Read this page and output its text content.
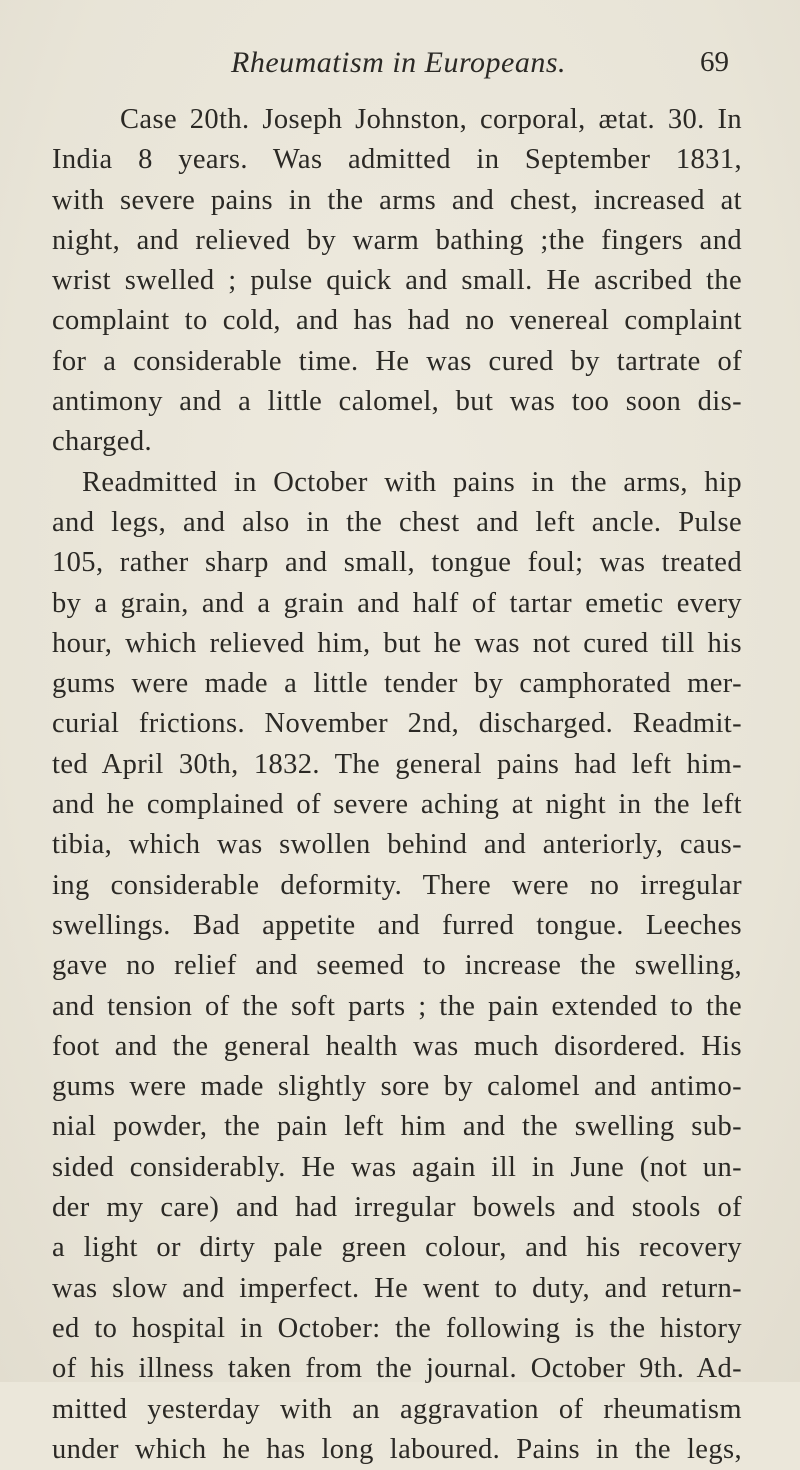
Rheumatism in Europeans.	69
Case 20th. Joseph Johnston, corporal, ætat. 30. In
India 8 years. Was admitted in September 1831,
with severe pains in the arms and chest, increased at
night, and relieved by warm bathing ;the fingers and
wrist swelled ; pulse quick and small. He ascribed the
complaint to cold, and has had no venereal complaint
for a considerable time. He was cured by tartrate of
antimony and a little calomel, but was too soon dis-
charged.
Readmitted in October with pains in the arms, hip
and legs, and also in the chest and left ancle. Pulse
105, rather sharp and small, tongue foul; was treated
by a grain, and a grain and half of tartar emetic every
hour, which relieved him, but he was not cured till his
gums were made a little tender by camphorated mer-
curial frictions. November 2nd, discharged. Readmit-
ted April 30th, 1832. The general pains had left him-
and he complained of severe aching at night in the left
tibia, which was swollen behind and anteriorly, caus-
ing considerable deformity. There were no irregular
swellings. Bad appetite and furred tongue. Leeches
gave no relief and seemed to increase the swelling,
and tension of the soft parts ; the pain extended to the
foot and the general health was much disordered. His
gums were made slightly sore by calomel and antimo-
nial powder, the pain left him and the swelling sub-
sided considerably. He was again ill in June (not un-
der my care) and had irregular bowels and stools of
a light or dirty pale green colour, and his recovery
was slow and imperfect. He went to duty, and return-
ed to hospital in October: the following is the history
of his illness taken from the journal. October 9th. Ad-
mitted yesterday with an aggravation of rheumatism
under which he has long laboured. Pains in the legs,
